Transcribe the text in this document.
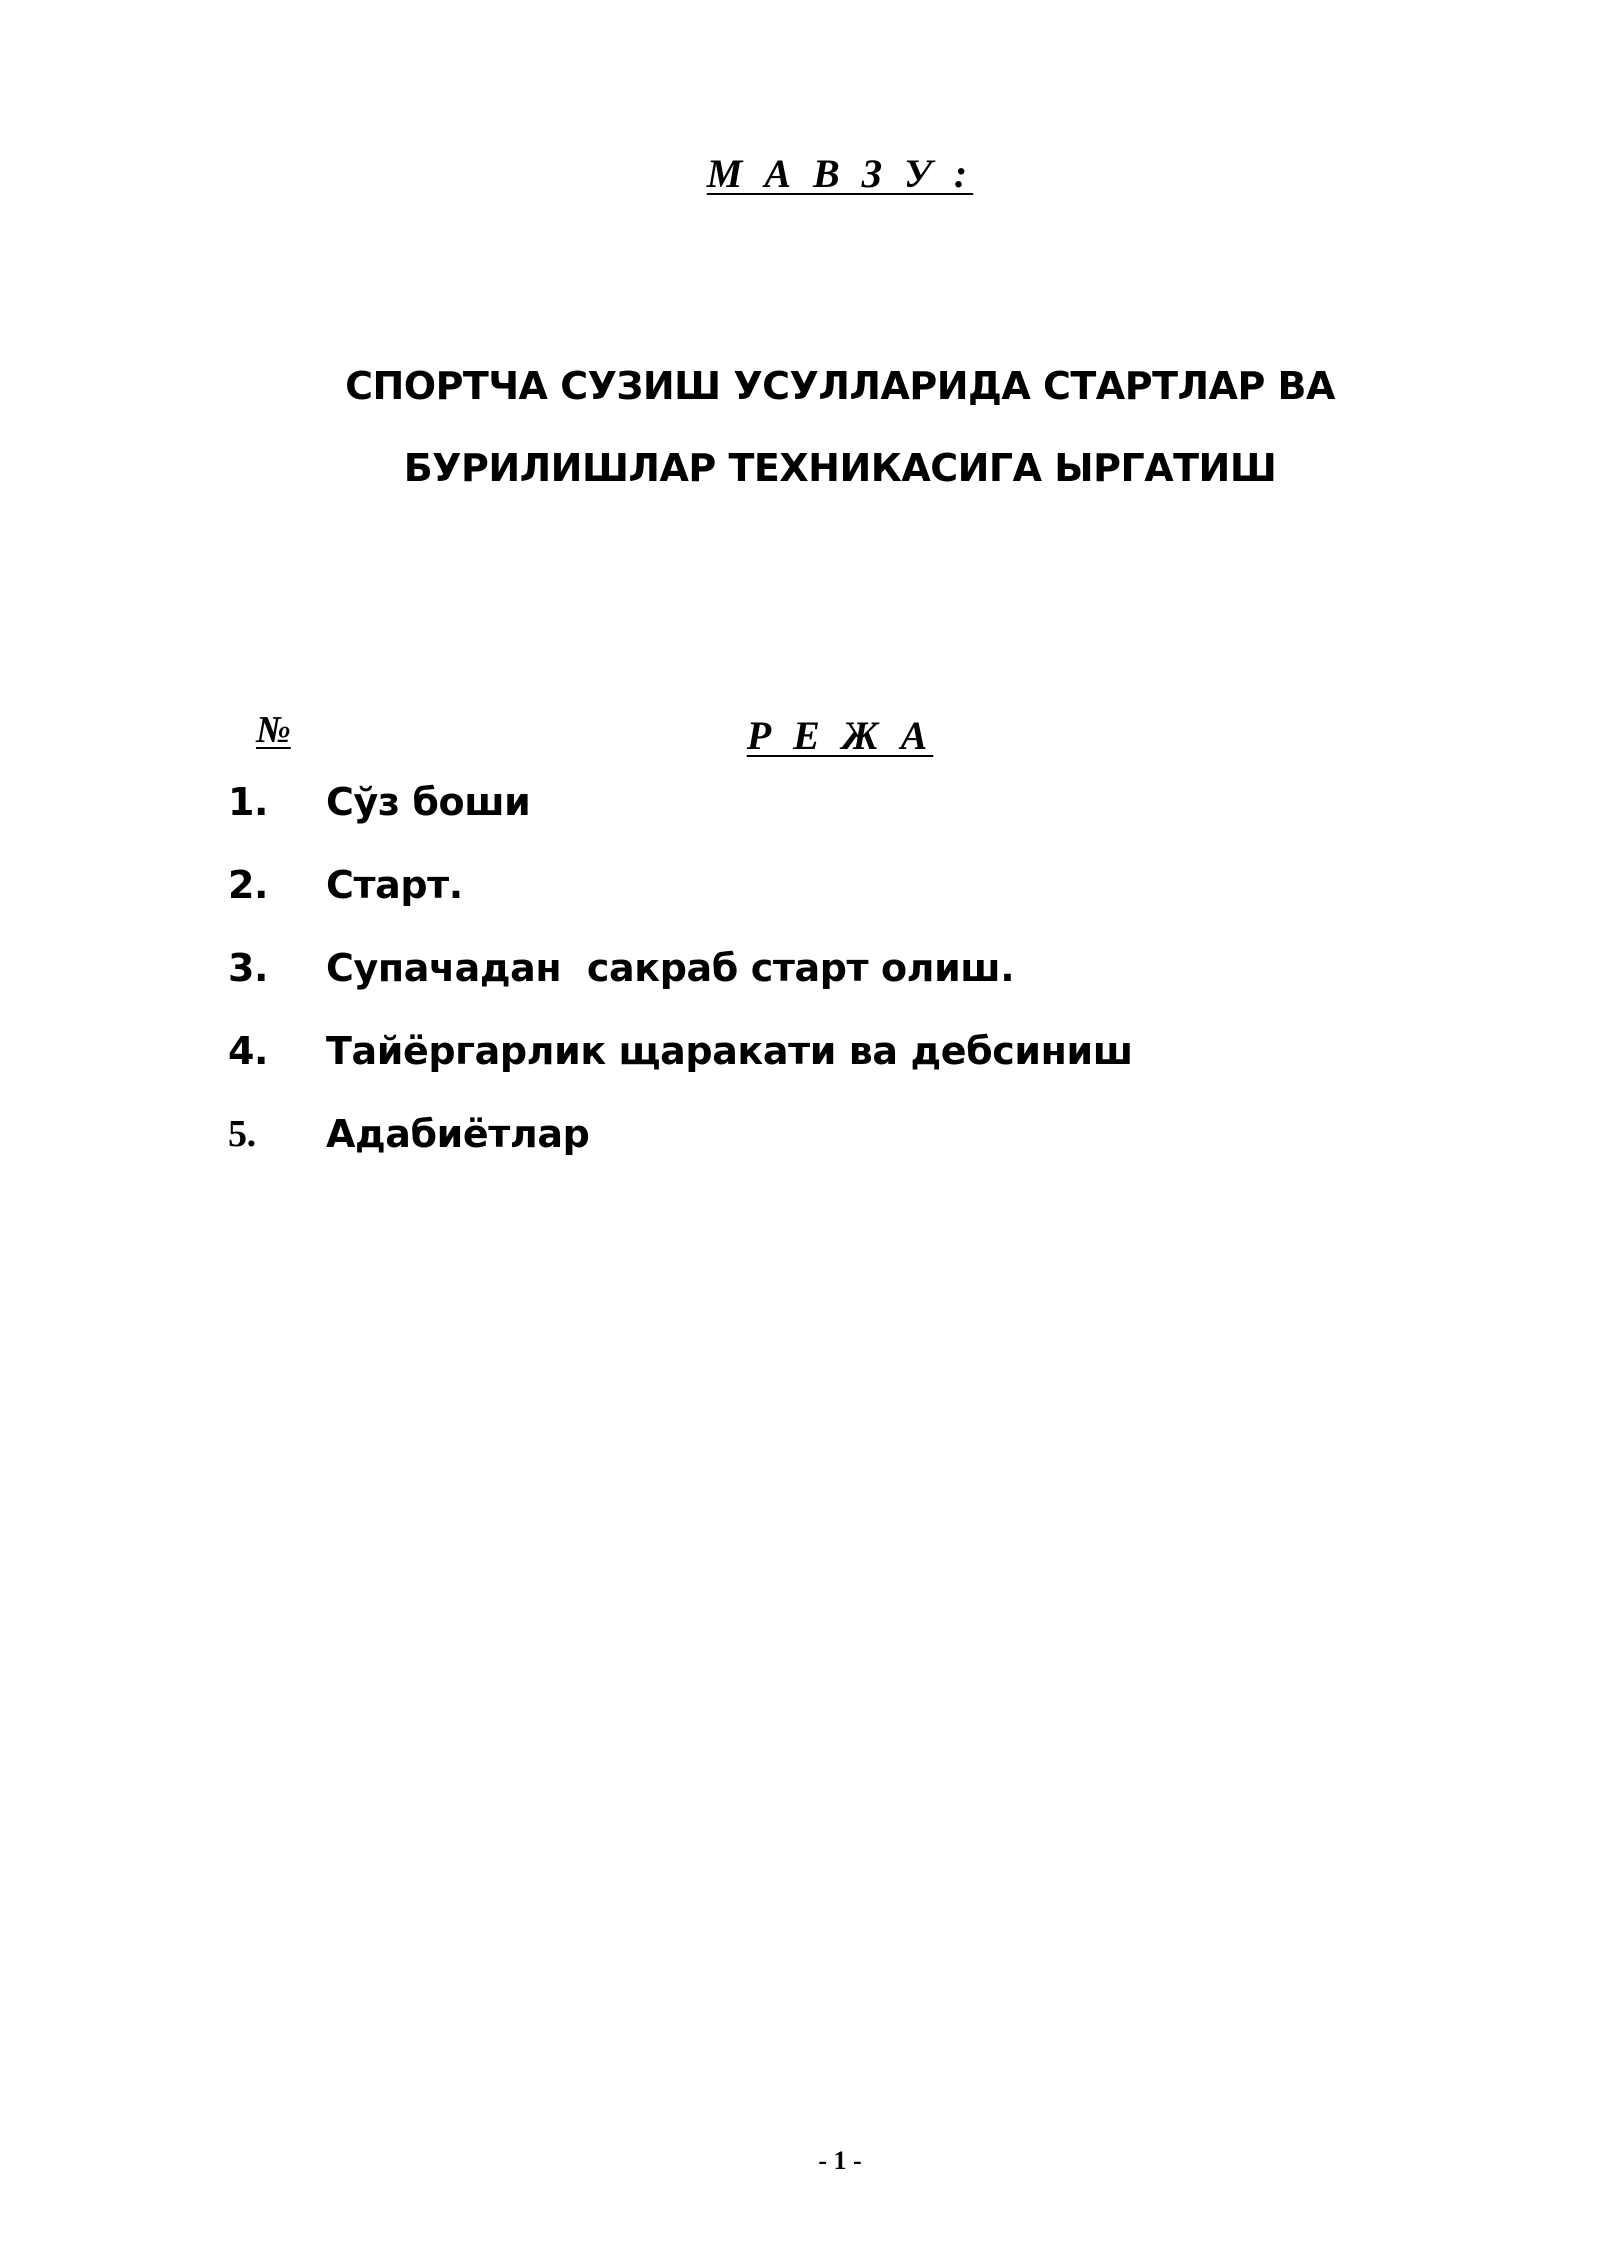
М А В З У :
СПОРТЧА СУЗИШ УСУЛЛАРИДА СТАРТЛАР ВА
БУРИЛИШЛАР ТЕХНИКАСИГА ЫРГАТИШ
№	Р Е Ж А
1. Сўз боши
2. Старт.
3. Супачадан  сакраб старт олиш.
4. Тайёргарлик щаракати ва дебсиниш
5. Адабиётлар
- 1 -
